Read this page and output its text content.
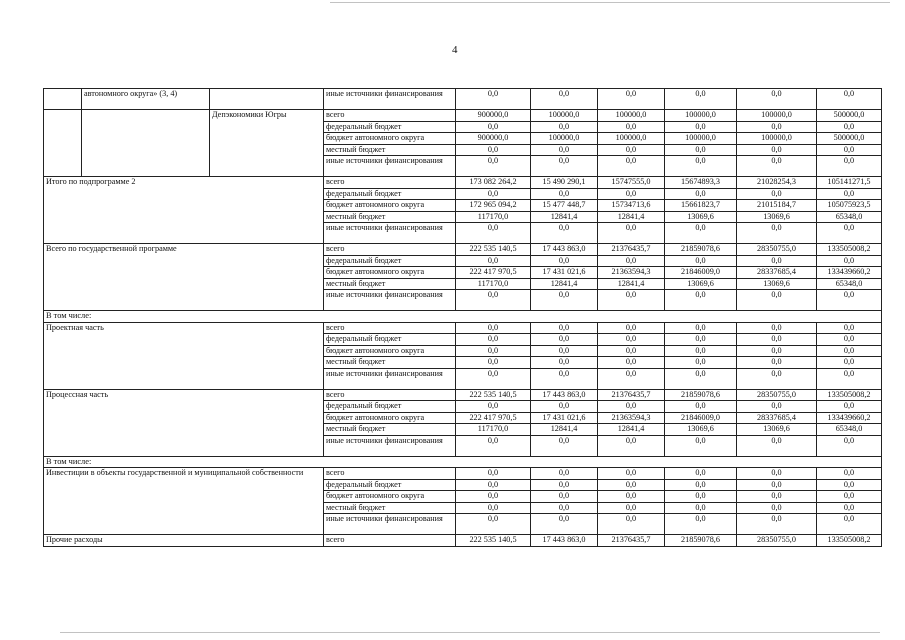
4
	автономного округа» (3, 4)		иные источники финансирования	0,0	0,0	0,0	0,0	0,0	0,0
		Депэкономики Югры	всего	900000,0	100000,0	100000,0	100000,0	100000,0	500000,0
			федеральный бюджет	0,0	0,0	0,0	0,0	0,0	0,0
			бюджет автономного округа	900000,0	100000,0	100000,0	100000,0	100000,0	500000,0
			местный бюджет	0,0	0,0	0,0	0,0	0,0	0,0
			иные источники финансирования	0,0	0,0	0,0	0,0	0,0	0,0
Итого по подпрограмме 2			всего	173 082 264,2	15 490 290,1	15747555,0	15674893,3	21028254,3	105141271,5
			федеральный бюджет	0,0	0,0	0,0	0,0	0,0	0,0
			бюджет автономного округа	172 965 094,2	15 477 448,7	15734713,6	15661823,7	21015184,7	105075923,5
			местный бюджет	117170,0	12841,4	12841,4	13069,6	13069,6	65348,0
			иные источники финансирования	0,0	0,0	0,0	0,0	0,0	0,0
Всего по государственной программе			всего	222 535 140,5	17 443 863,0	21376435,7	21859078,6	28350755,0	133505008,2
			федеральный бюджет	0,0	0,0	0,0	0,0	0,0	0,0
			бюджет автономного округа	222 417 970,5	17 431 021,6	21363594,3	21846009,0	28337685,4	133439660,2
			местный бюджет	117170,0	12841,4	12841,4	13069,6	13069,6	65348,0
			иные источники финансирования	0,0	0,0	0,0	0,0	0,0	0,0
В том числе:									
Проектная часть			всего	0,0	0,0	0,0	0,0	0,0	0,0
			федеральный бюджет	0,0	0,0	0,0	0,0	0,0	0,0
			бюджет автономного округа	0,0	0,0	0,0	0,0	0,0	0,0
			местный бюджет	0,0	0,0	0,0	0,0	0,0	0,0
			иные источники финансирования	0,0	0,0	0,0	0,0	0,0	0,0
Процессная часть			всего	222 535 140,5	17 443 863,0	21376435,7	21859078,6	28350755,0	133505008,2
			федеральный бюджет	0,0	0,0	0,0	0,0	0,0	0,0
			бюджет автономного округа	222 417 970,5	17 431 021,6	21363594,3	21846009,0	28337685,4	133439660,2
			местный бюджет	117170,0	12841,4	12841,4	13069,6	13069,6	65348,0
			иные источники финансирования	0,0	0,0	0,0	0,0	0,0	0,0
В том числе:									
Инвестиции в объекты государственной и муниципальной собственности			всего	0,0	0,0	0,0	0,0	0,0	0,0
			федеральный бюджет	0,0	0,0	0,0	0,0	0,0	0,0
			бюджет автономного округа	0,0	0,0	0,0	0,0	0,0	0,0
			местный бюджет	0,0	0,0	0,0	0,0	0,0	0,0
			иные источники финансирования	0,0	0,0	0,0	0,0	0,0	0,0
Прочие расходы			всего	222 535 140,5	17 443 863,0	21376435,7	21859078,6	28350755,0	133505008,2
